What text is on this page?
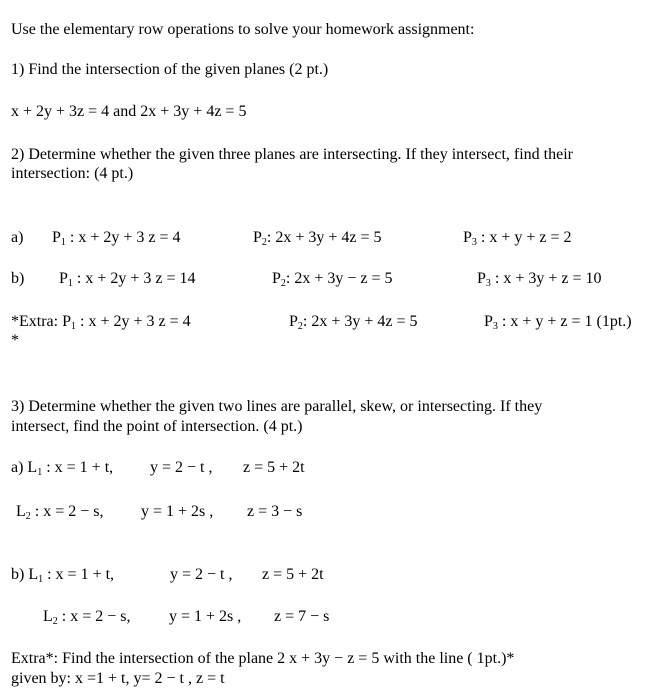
Use the elementary row operations to solve your homework assignment:
1) Find the intersection of the given planes (2 pt.)
x + 2y + 3z = 4 and 2x + 3y + 4z = 5
2) Determine whether the given three planes are intersecting. If they intersect, find their
intersection: (4 pt.)
a) $P_1$ : x + 2y + 3 z = 4	$P_2$: 2x + 3y + 4z = 5	$P_3$ : x + y + z = 2
b) $P_1$ : x + 2y + 3 z = 14	$P_2$: 2x + 3y − z = 5	$P_3$ : x + 3y + z = 10
*Extra: $P_1$ : x + 2y + 3 z = 4	$P_2$: 2x + 3y + 4z = 5	$P_3$ : x + y + z = 1 (1pt.)
*
3) Determine whether the given two lines are parallel, skew, or intersecting. If they
intersect, find the point of intersection. (4 pt.)
a) $L_1$ : x = 1 + t, y = 2 − t , z = 5 + 2t
$L_2$ : x = 2 − s, y = 1 + 2s , z = 3 − s
b) $L_1$ : x = 1 + t,	y = 2 − t , z = 5 + 2t
$L_2$ : x = 2 − s, y = 1 + 2s , z = 7 − s
Extra*: Find the intersection of the plane 2 x + 3y − z = 5 with the line ( 1pt.)*
given by: x =1 + t, y= 2 − t , z = t
